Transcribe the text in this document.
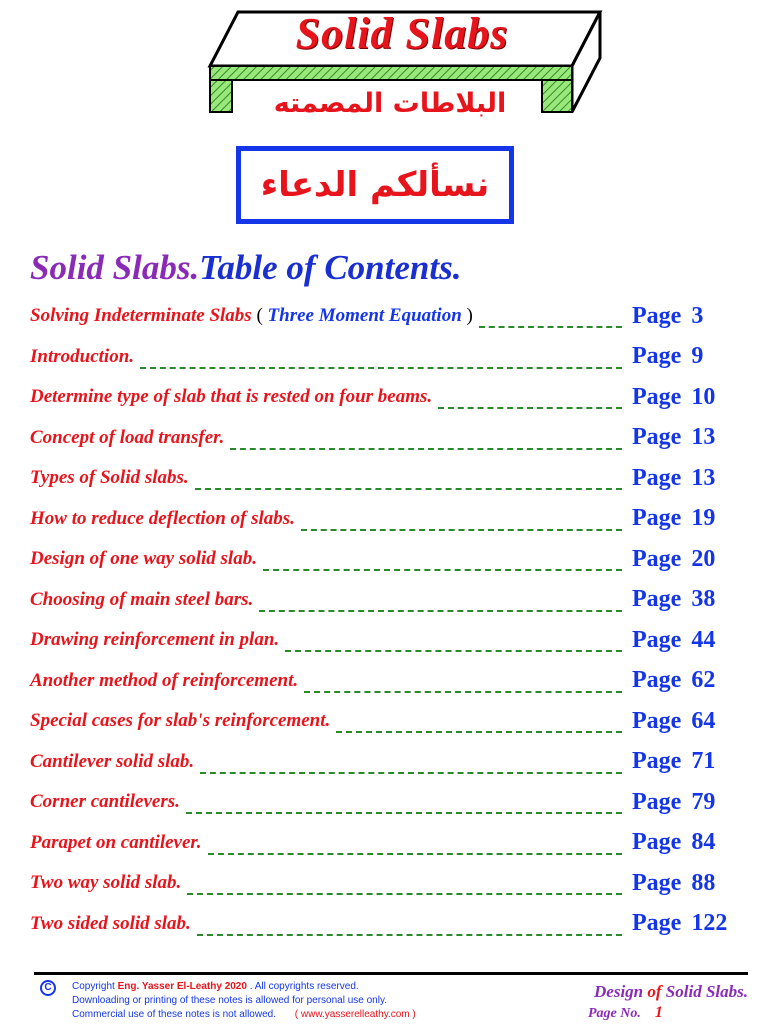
Solid Slabs
البلاطات المصمته
نسألكم الدعاء
Solid Slabs.Table of Contents.
Solving Indeterminate Slabs ( Three Moment Equation )	Page 3
Introduction.	Page 9
Determine type of slab that is rested on four beams.	Page 10
Concept of load transfer.	Page 13
Types of Solid slabs.	Page 13
How to reduce deflection of slabs.	Page 19
Design of one way solid slab.	Page 20
Choosing of main steel bars.	Page 38
Drawing reinforcement in plan.	Page 44
Another method of reinforcement.	Page 62
Special cases for slab's reinforcement.	Page 64
Cantilever solid slab.	Page 71
Corner cantilevers.	Page 79
Parapet on cantilever.	Page 84
Two way solid slab.	Page 88
Two sided solid slab.	Page 122
C	Copyright Eng. Yasser El-Leathy 2020 . All copyrights reserved.
Downloading or printing of these notes is allowed for personal use only.
Commercial use of these notes is not allowed. ( www.yasserelleathy.com )
Design of Solid Slabs.
Page No. 1
